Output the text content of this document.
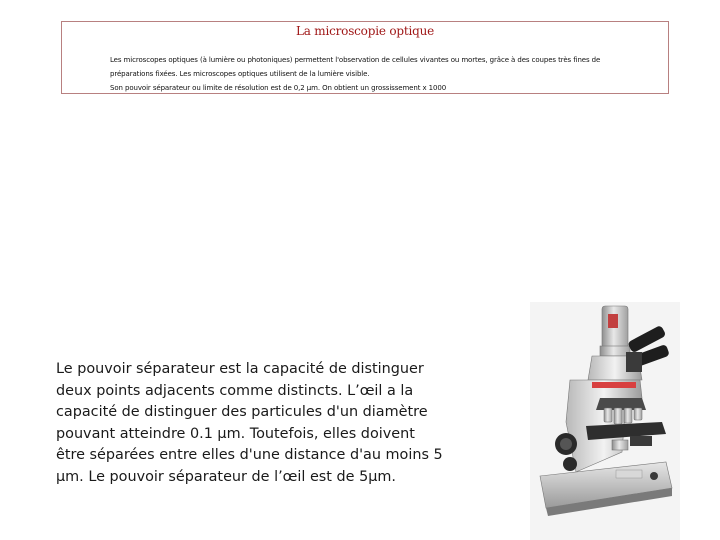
La microscopie optique

Les microscopes optiques (à lumière ou photoniques) permettent l'observation de cellules vivantes ou mortes, grâce à des coupes très fines de

préparations fixées. Les microscopes optiques utilisent de la lumière visible.

Son pouvoir séparateur ou limite de résolution est de 0,2 µm. On obtient un grossissement x 1000

Le pouvoir séparateur est la capacité de distinguer

deux points adjacents comme distincts. L’œil a la

capacité de distinguer des particules d'un diamètre

pouvant atteindre 0.1 µm. Toutefois, elles doivent

être séparées entre elles d'une distance d'au moins 5

µm. Le pouvoir séparateur de l’œil est de 5µm.
